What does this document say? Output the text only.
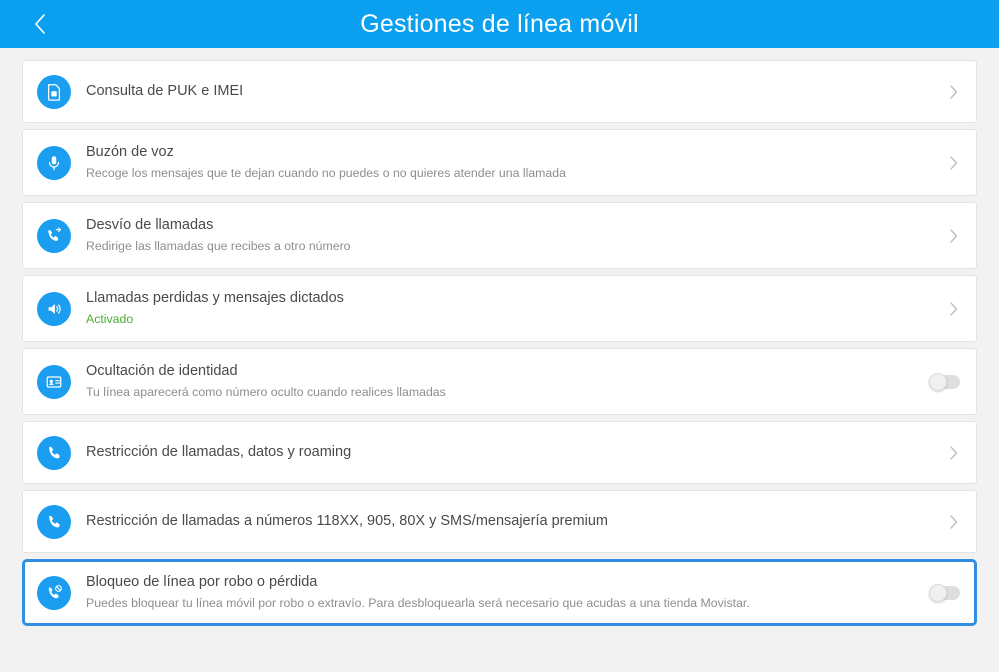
Gestiones de línea móvil
Consulta de PUK e IMEI
Buzón de voz
Recoge los mensajes que te dejan cuando no puedes o no quieres atender una llamada
Desvío de llamadas
Redirige las llamadas que recibes a otro número
Llamadas perdidas y mensajes dictados
Activado
Ocultación de identidad
Tu línea aparecerá como número oculto cuando realices llamadas
Restricción de llamadas, datos y roaming
Restricción de llamadas a números 118XX, 905, 80X y SMS/mensajería premium
Bloqueo de línea por robo o pérdida
Puedes bloquear tu línea móvil por robo o extravío. Para desbloquearla será necesario que acudas a una tienda Movistar.
